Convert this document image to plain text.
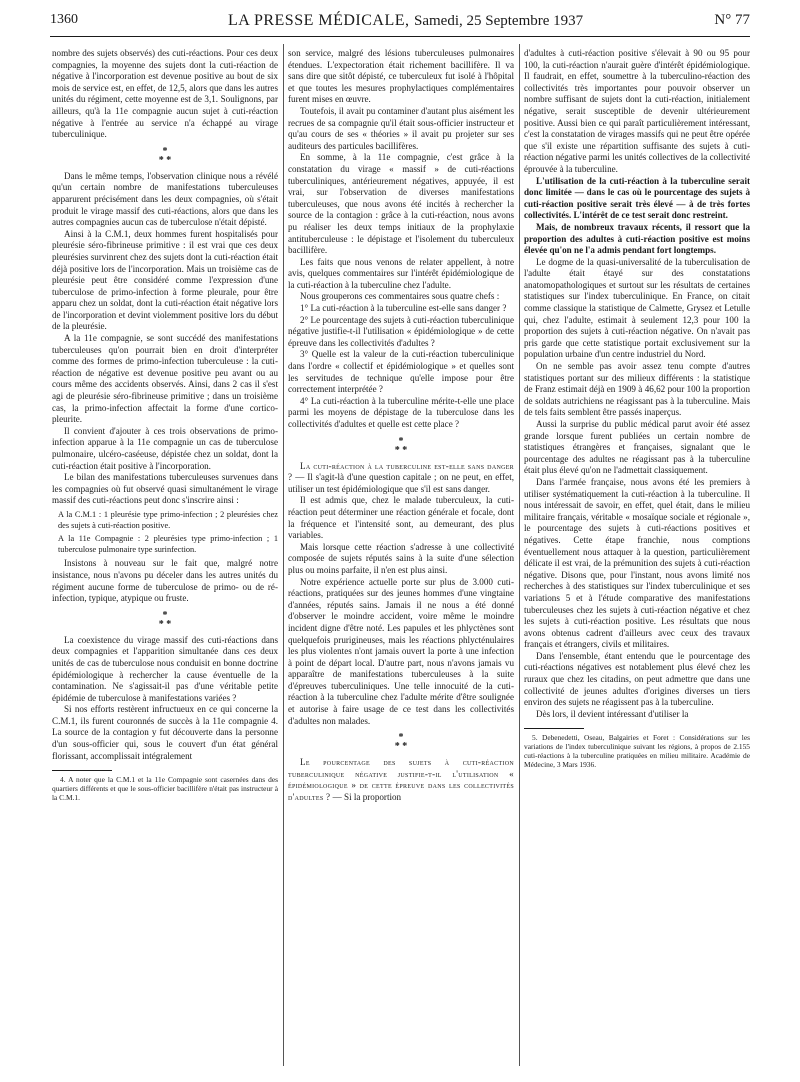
1360	LA PRESSE MÉDICALE, Samedi, 25 Septembre 1937	N° 77

nombre des sujets observés) des cuti-réactions. Pour ces deux compagnies, la moyenne des sujets dont la cuti-réaction de négative à l'incorporation est devenue positive au bout de six mois de service est, en effet, de 12,5, alors que dans les autres unités du régiment, cette moyenne est de 3,1. Soulignons, par ailleurs, qu'à la 11e compagnie aucun sujet à cuti-réaction négative à l'entrée au service n'a échappé au virage tuberculinique.

*
* *

Dans le même temps, l'observation clinique nous a révélé qu'un certain nombre de manifestations tuberculeuses apparurent précisément dans les deux compagnies, où s'était produit le virage massif des cuti-réactions, alors que dans les autres compagnies aucun cas de tuberculose n'était dépisté.

Ainsi à la C.M.1, deux hommes furent hospitalisés pour pleurésie séro-fibrineuse primitive : il est vrai que ces deux pleurésies survinrent chez des sujets dont la cuti-réaction était déjà positive lors de l'incorporation. Mais un troisième cas de pleurésie peut être considéré comme l'expression d'une tuberculose de primo-infection à forme pleurale, pour être apparu chez un soldat, dont la cuti-réaction était négative lors de l'incorporation et devint violemment positive lors du début de la pleurésie.

A la 11e compagnie, se sont succédé des manifestations tuberculeuses qu'on pourrait bien en droit d'interpréter comme des formes de primo-infection tuberculeuse : la cuti-réaction de négative est devenue positive peu avant ou au cours même des accidents observés. Ainsi, dans 2 cas il s'est agi de pleurésie séro-fibrineuse primitive ; dans un troisième cas, la primo-infection affectait la forme d'une cortico-pleurite.

Il convient d'ajouter à ces trois observations de primo-infection apparue à la 11e compagnie un cas de tuberculose pulmonaire, ulcéro-caséeuse, dépistée chez un soldat, dont la cuti-réaction était positive à l'incorporation.

Le bilan des manifestations tuberculeuses survenues dans les compagnies où fut observé quasi simultanément le virage massif des cuti-réactions peut donc s'inscrire ainsi :

A la C.M.1 : 1 pleurésie type primo-infection ; 2 pleurésies chez des sujets à cuti-réaction positive.

A la 11e Compagnie : 2 pleurésies type primo-infection ; 1 tuberculose pulmonaire type surinfection.

Insistons à nouveau sur le fait que, malgré notre insistance, nous n'avons pu déceler dans les autres unités du régiment aucune forme de tuberculose de primo- ou de ré-infection, typique, atypique ou fruste.

*
* *

La coexistence du virage massif des cuti-réactions dans deux compagnies et l'apparition simultanée dans ces deux unités de cas de tuberculose nous conduisit en bonne doctrine épidémiologique à rechercher la cause éventuelle de la contamination. Ne s'agissait-il pas d'une véritable petite épidémie de tuberculose à manifestations variées ?

Si nos efforts restèrent infructueux en ce qui concerne la C.M.1, ils furent couronnés de succès à la 11e compagnie 4. La source de la contagion y fut découverte dans la personne d'un sous-officier qui, sous le couvert d'un état général florissant, accomplissait intégralement

4. A noter que la C.M.1 et la 11e Compagnie sont casernées dans des quartiers différents et que le sous-officier bacillifère n'était pas instructeur à la C.M.1.

son service, malgré des lésions tuberculeuses pulmonaires étendues. L'expectoration était richement bacillifère. Il va sans dire que sitôt dépisté, ce tuberculeux fut isolé à l'hôpital et que toutes les mesures prophylactiques complémentaires furent mises en œuvre.

Toutefois, il avait pu contaminer d'autant plus aisément les recrues de sa compagnie qu'il était sous-officier instructeur et qu'au cours de ses « théories » il avait pu projeter sur ses auditeurs des particules bacillifères.

En somme, à la 11e compagnie, c'est grâce à la constatation du virage « massif » de cuti-réactions tuberculiniques, antérieurement négatives, appuyée, il est vrai, sur l'observation de diverses manifestations tuberculeuses, que nous avons été incités à rechercher la source de la contagion : grâce à la cuti-réaction, nous avons pu réaliser les deux temps initiaux de la prophylaxie antituberculeuse : le dépistage et l'isolement du tuberculeux bacillifère.

Les faits que nous venons de relater appellent, à notre avis, quelques commentaires sur l'intérêt épidémiologique de la cuti-réaction à la tuberculine chez l'adulte.

Nous grouperons ces commentaires sous quatre chefs :

1° La cuti-réaction à la tuberculine est-elle sans danger ?

2° Le pourcentage des sujets à cuti-réaction tuberculinique négative justifie-t-il l'utilisation « épidémiologique » de cette épreuve dans les collectivités d'adultes ?

3° Quelle est la valeur de la cuti-réaction tuberculinique dans l'ordre « collectif et épidémiologique » et quelles sont les servitudes de technique qu'elle impose pour être correctement interprétée ?

4° La cuti-réaction à la tuberculine mérite-t-elle une place parmi les moyens de dépistage de la tuberculose dans les collectivités d'adultes et quelle est cette place ?

*
* *

La cuti-réaction à la tuberculine est-elle sans danger ? — Il s'agit-là d'une question capitale ; on ne peut, en effet, utiliser un test épidémiologique que s'il est sans danger.

Il est admis que, chez le malade tuberculeux, la cuti-réaction peut déterminer une réaction générale et focale, dont la fréquence et l'intensité sont, au demeurant, des plus variables.

Mais lorsque cette réaction s'adresse à une collectivité composée de sujets réputés sains à la suite d'une sélection plus ou moins parfaite, il n'en est plus ainsi.

Notre expérience actuelle porte sur plus de 3.000 cuti-réactions, pratiquées sur des jeunes hommes d'une vingtaine d'années, réputés sains. Jamais il ne nous a été donné d'observer le moindre accident, voire même le moindre incident digne d'être noté. Les papules et les phlyctènes sont quelquefois prurigineuses, mais les réactions phlycténulaires les plus violentes n'ont jamais ouvert la porte à une infection à point de départ local. D'autre part, nous n'avons jamais vu apparaître de manifestations tuberculeuses à la suite d'épreuves tuberculiniques. Une telle innocuité de la cuti-réaction à la tuberculine chez l'adulte mérite d'être soulignée et autorise à faire usage de ce test dans les collectivités d'adultes non malades.

*
* *

Le pourcentage des sujets à cuti-réaction tuberculinique négative justifie-t-il l'utilisation « épidémiologique » de cette épreuve dans les collectivités d'adultes ? — Si la proportion

d'adultes à cuti-réaction positive s'élevait à 90 ou 95 pour 100, la cuti-réaction n'aurait guère d'intérêt épidémiologique. Il faudrait, en effet, soumettre à la tuberculino-réaction des collectivités très importantes pour pouvoir observer un nombre suffisant de sujets dont la cuti-réaction, initialement négative, serait susceptible de devenir ultérieurement positive. Aussi bien ce qui paraît particulièrement intéressant, c'est la constatation de virages massifs qui ne peut être opérée que s'il existe une répartition suffisante des sujets à cuti-réaction négative parmi les unités collectives de la collectivité éprouvée à la tuberculine.

L'utilisation de la cuti-réaction à la tuberculine serait donc limitée — dans le cas où le pourcentage des sujets à cuti-réaction positive serait très élevé — à de très fortes collectivités. L'intérêt de ce test serait donc restreint.

Mais, de nombreux travaux récents, il ressort que la proportion des adultes à cuti-réaction positive est moins élevée qu'on ne l'a admis pendant fort longtemps.

Le dogme de la quasi-universalité de la tuberculisation de l'adulte était étayé sur des constatations anatomopathologiques et surtout sur les résultats de certaines statistiques sur l'index tuberculinique. En France, on citait comme classique la statistique de Calmette, Grysez et Letulle qui, chez l'adulte, estimait à seulement 12,3 pour 100 la proportion des sujets à cuti-réaction négative. On n'avait pas pris garde que cette statistique portait exclusivement sur la population urbaine d'un centre industriel du Nord.

On ne semble pas avoir assez tenu compte d'autres statistiques portant sur des milieux différents : la statistique de Franz estimait déjà en 1909 à 46,62 pour 100 la proportion de soldats autrichiens ne réagissant pas à la tuberculine. Mais de tels faits semblent être passés inaperçus.

Aussi la surprise du public médical parut avoir été assez grande lorsque furent publiées un certain nombre de statistiques étrangères et françaises, signalant que le pourcentage des adultes ne réagissant pas à la tuberculine était plus élevé qu'on ne l'admettait classiquement.

Dans l'armée française, nous avons été les premiers à utiliser systématiquement la cuti-réaction à la tuberculine. Il nous intéressait de savoir, en effet, quel était, dans le milieu militaire français, véritable « mosaïque sociale et régionale », le pourcentage des sujets à cuti-réactions positives et négatives. Cette étape franchie, nous comptions éventuellement nous attaquer à la question, particulièrement délicate il est vrai, de la prémunition des sujets à cuti-réaction négative. Disons que, pour l'instant, nous avons limité nos recherches à des statistiques sur l'index tuberculinique et ses variations 5 et à l'étude comparative des manifestations tuberculeuses chez les sujets à cuti-réaction négative et chez les sujets à cuti-réaction positive. Les résultats que nous avons obtenus cadrent d'ailleurs avec ceux des travaux français et étrangers, civils et militaires.

Dans l'ensemble, étant entendu que le pourcentage des cuti-réactions négatives est notablement plus élevé chez les ruraux que chez les citadins, on peut admettre que dans une collectivité de jeunes adultes d'origines diverses un tiers environ des sujets ne réagissent pas à la tuberculine.

Dès lors, il devient intéressant d'utiliser la

5. Debenedetti, Oseau, Balgairies et Foret : Considérations sur les variations de l'index tuberculinique suivant les régions, à propos de 2.155 cuti-réactions à la tuberculine pratiquées en milieu militaire. Académie de Médecine, 3 Mars 1936.
